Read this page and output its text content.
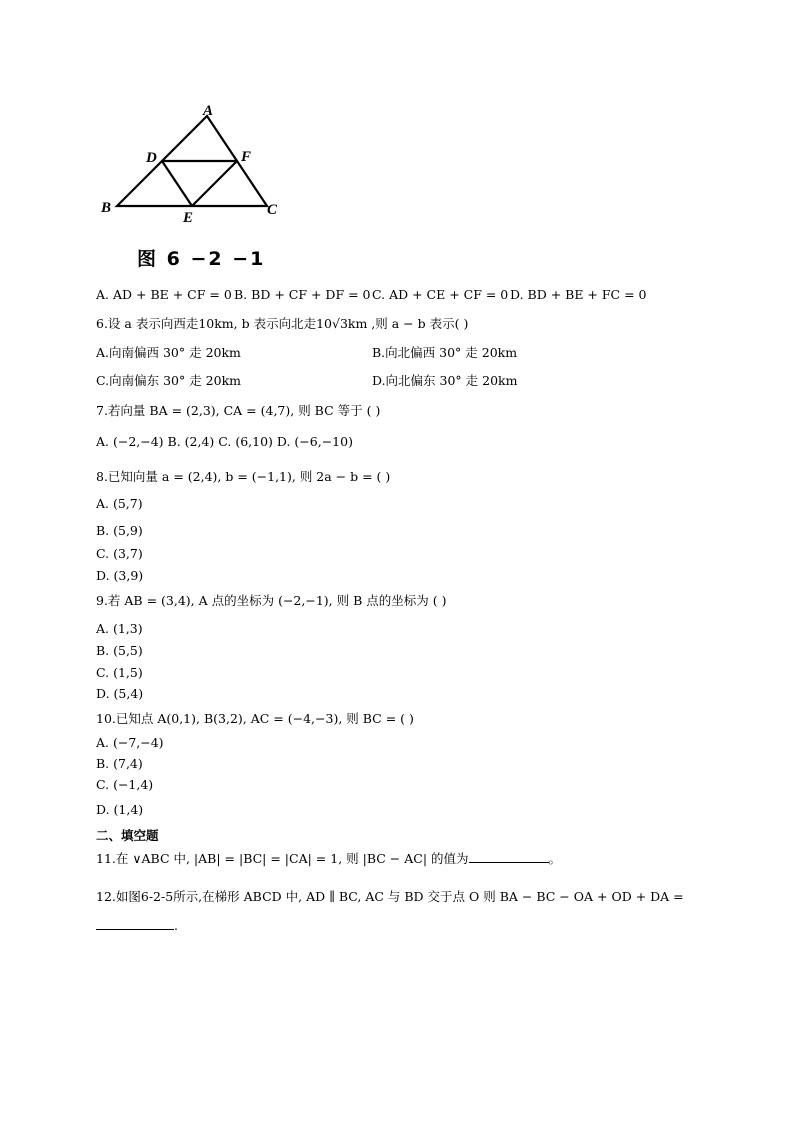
A
B	C
D	F
E
图 6 −2 −1
A. AD + BE + CF = 0 B. BD + CF + DF = 0 C. AD + CE + CF = 0 D. BD + BE + FC = 0
6.设 a 表示向西走10km, b 表示向北走10√3km ,则 a − b 表示( )
A.向南偏西 30° 走 20km	B.向北偏西 30° 走 20km
C.向南偏东 30° 走 20km	D.向北偏东 30° 走 20km
7.若向量 BA = (2,3), CA = (4,7), 则 BC 等于 ( )
A. (−2,−4) B. (2,4) C. (6,10) D. (−6,−10)
8.已知向量 a = (2,4), b = (−1,1), 则 2a − b = ( )
A. (5,7)
B. (5,9)
C. (3,7)
D. (3,9)
9.若 AB = (3,4), A 点的坐标为 (−2,−1), 则 B 点的坐标为 ( )
A. (1,3)
B. (5,5)
C. (1,5)
D. (5,4)
10.已知点 A(0,1), B(3,2), AC = (−4,−3), 则 BC = ( )
A. (−7,−4)
B. (7,4)
C. (−1,4)
D. (1,4)
二、填空题
11.在 ∨ABC 中, |AB| = |BC| = |CA| = 1, 则 |BC − AC| 的值为	。
12.如图6-2-5所示,在梯形 ABCD 中, AD ∥ BC, AC 与 BD 交于点 O 则 BA − BC − OA + OD + DA =
.
